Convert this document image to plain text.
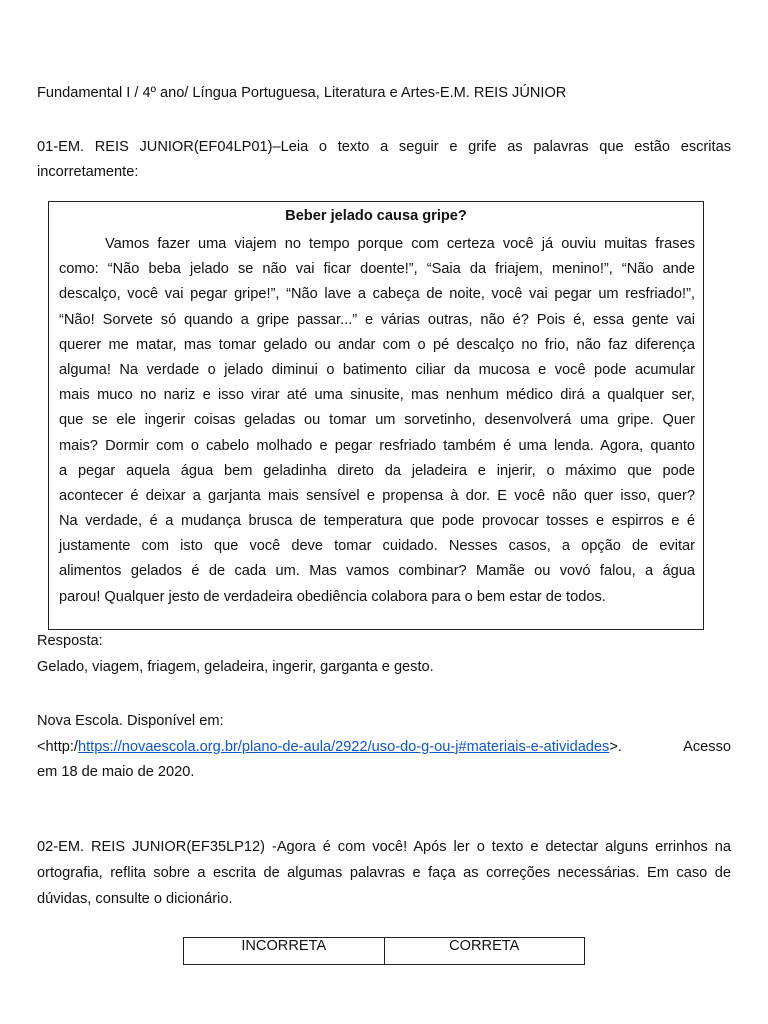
Fundamental I / 4º ano/ Língua Portuguesa, Literatura e Artes-E.M. REIS JÚNIOR
01-EM. REIS JUNIOR(EF04LP01)–Leia o texto a seguir e grife as palavras que estão escritas
incorretamente:
Beber jelado causa gripe?
Vamos fazer uma viajem no tempo porque com certeza você já ouviu muitas frases
como: “Não beba jelado se não vai ficar doente!”, “Saia da friajem, menino!”, “Não ande
descalço, você vai pegar gripe!”, “Não lave a cabeça de noite, você vai pegar um resfriado!”,
“Não! Sorvete só quando a gripe passar...” e várias outras, não é? Pois é, essa gente vai
querer me matar, mas tomar gelado ou andar com o pé descalço no frio, não faz diferença
alguma! Na verdade o jelado diminui o batimento ciliar da mucosa e você pode acumular
mais muco no nariz e isso virar até uma sinusite, mas nenhum médico dirá a qualquer ser,
que se ele ingerir coisas geladas ou tomar um sorvetinho, desenvolverá uma gripe. Quer
mais? Dormir com o cabelo molhado e pegar resfriado também é uma lenda. Agora, quanto
a pegar aquela água bem geladinha direto da jeladeira e injerir, o máximo que pode
acontecer é deixar a garjanta mais sensível e propensa à dor. E você não quer isso, quer?
Na verdade, é a mudança brusca de temperatura que pode provocar tosses e espirros e é
justamente com isto que você deve tomar cuidado. Nesses casos, a opção de evitar
alimentos gelados é de cada um. Mas vamos combinar? Mamãe ou vovó falou, a água
parou! Qualquer jesto de verdadeira obediência colabora para o bem estar de todos.
Resposta:
Gelado, viagem, friagem, geladeira, ingerir, garganta e gesto.
Nova Escola. Disponível em:
<http:/https://novaescola.org.br/plano-de-aula/2922/uso-do-g-ou-j#materiais-e-atividades>.	Acesso
em 18 de maio de 2020.
02-EM. REIS JUNIOR(EF35LP12) -Agora é com você! Após ler o texto e detectar alguns errinhos na
ortografia, reflita sobre a escrita de algumas palavras e faça as correções necessárias. Em caso de
dúvidas, consulte o dicionário.
INCORRETA	CORRETA
